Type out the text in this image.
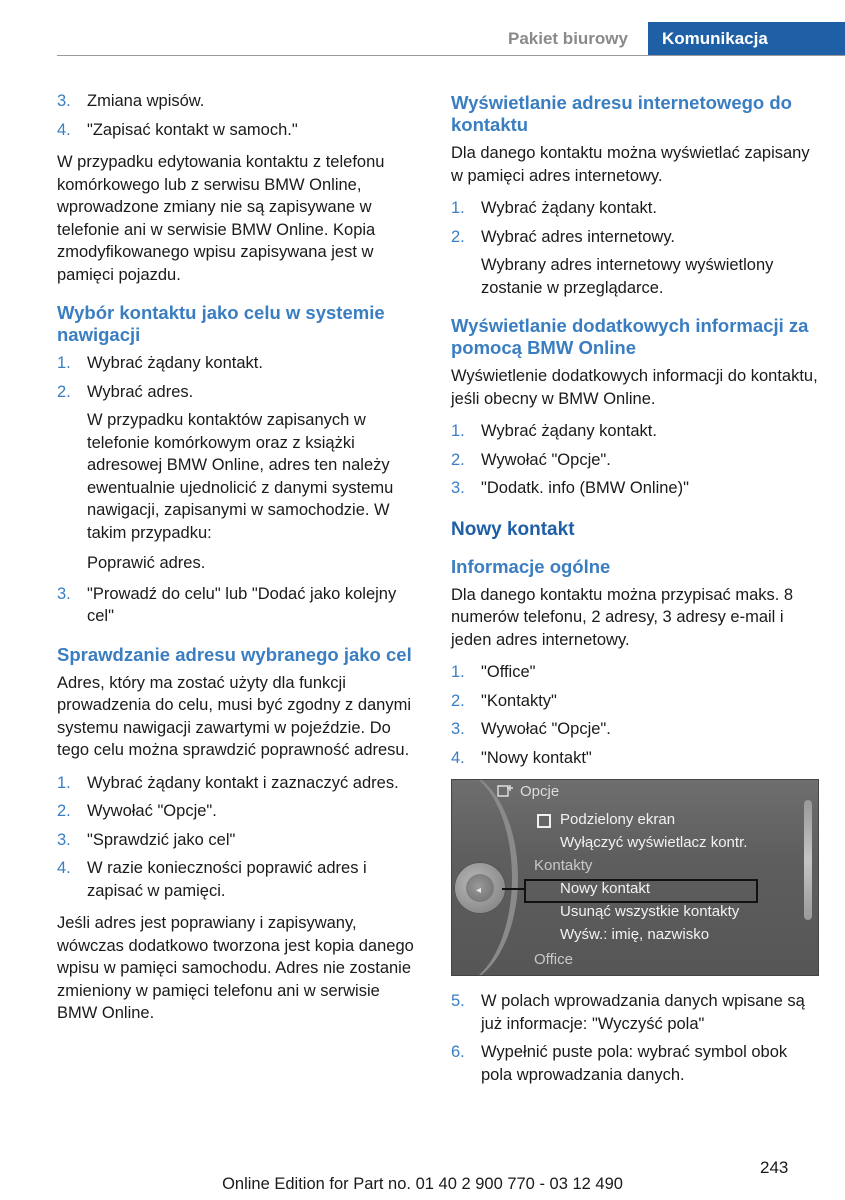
Pakiet biurowy	Komunikacja
3. Zmiana wpisów.
4. "Zapisać kontakt w samoch."

W przypadku edytowania kontaktu z telefonu komórkowego lub z serwisu BMW Online, wprowadzone zmiany nie są zapisywane w telefonie ani w serwisie BMW Online. Kopia zmodyfikowanego wpisu zapisywana jest w pamięci pojazdu.

Wybór kontaktu jako celu w systemie nawigacji
1. Wybrać żądany kontakt.
2. Wybrać adres.

W przypadku kontaktów zapisanych w telefonie komórkowym oraz z książki adresowej BMW Online, adres ten należy ewentualnie ujednolicić z danymi systemu nawigacji, zapisanymi w samochodzie. W takim przypadku:

Poprawić adres.

3. "Prowadź do celu" lub "Dodać jako kolejny cel"
Sprawdzanie adresu wybranego jako cel

Adres, który ma zostać użyty dla funkcji prowadzenia do celu, musi być zgodny z danymi systemu nawigacji zawartymi w pojeździe. Do tego celu można sprawdzić poprawność adresu.

1. Wybrać żądany kontakt i zaznaczyć adres.
2. Wywołać "Opcje".
3. "Sprawdzić jako cel"
4. W razie konieczności poprawić adres i zapisać w pamięci.

Jeśli adres jest poprawiany i zapisywany, wówczas dodatkowo tworzona jest kopia danego wpisu w pamięci samochodu. Adres nie zostanie zmieniony w pamięci telefonu ani w serwisie BMW Online.

Wyświetlanie adresu internetowego do kontaktu

Dla danego kontaktu można wyświetlać zapisany w pamięci adres internetowy.

1. Wybrać żądany kontakt.
2. Wybrać adres internetowy.

Wybrany adres internetowy wyświetlony zostanie w przeglądarce.

Wyświetlanie dodatkowych informacji za pomocą BMW Online

Wyświetlenie dodatkowych informacji do kontaktu, jeśli obecny w BMW Online.

1. Wybrać żądany kontakt.
2. Wywołać "Opcje".
3. "Dodatk. info (BMW Online)"
Nowy kontakt
Informacje ogólne

Dla danego kontaktu można przypisać maks. 8 numerów telefonu, 2 adresy, 3 adresy e-mail i jeden adres internetowy.

1. "Office"
2. "Kontakty"
3. Wywołać "Opcje".
4. "Nowy kontakt"
Opcje
Podzielony ekran
Wyłączyć wyświetlacz kontr.
Kontakty
Nowy kontakt
Usunąć wszystkie kontakty
Wyśw.: imię, nazwisko
Office
◂
5. W polach wprowadzania danych wpisane są już informacje: "Wyczyść pola"
6. Wypełnić puste pola: wybrać symbol obok pola wprowadzania danych.
243
Online Edition for Part no. 01 40 2 900 770 - 03 12 490
